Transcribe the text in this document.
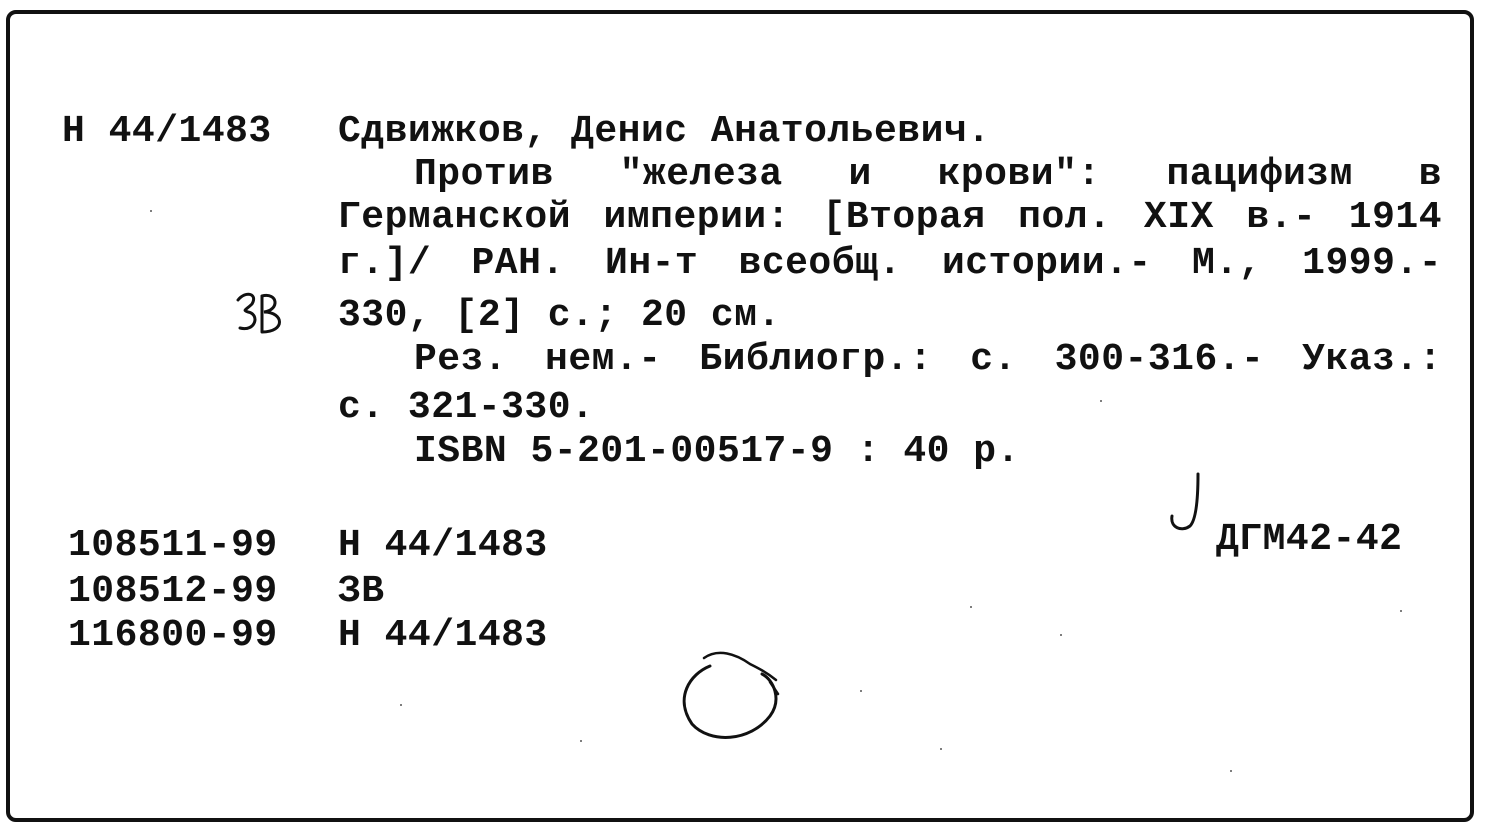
Н 44/1483 Сдвижков, Денис Анатольевич.
Против "железа и крови": пацифизм в
Германской империи: [Вторая пол. XIX в.- 1914
г.]/ РАН. Ин-т всеобщ. истории.- М., 1999.-
330, [2] с.; 20 см.
Рез. нем.- Библиогр.: с. 300-316.- Указ.:
с. 321-330.
ISBN 5-201-00517-9 : 40 р.
ДГМ42-42
108511-99 Н 44/1483
108512-99 ЗВ
116800-99 Н 44/1483
